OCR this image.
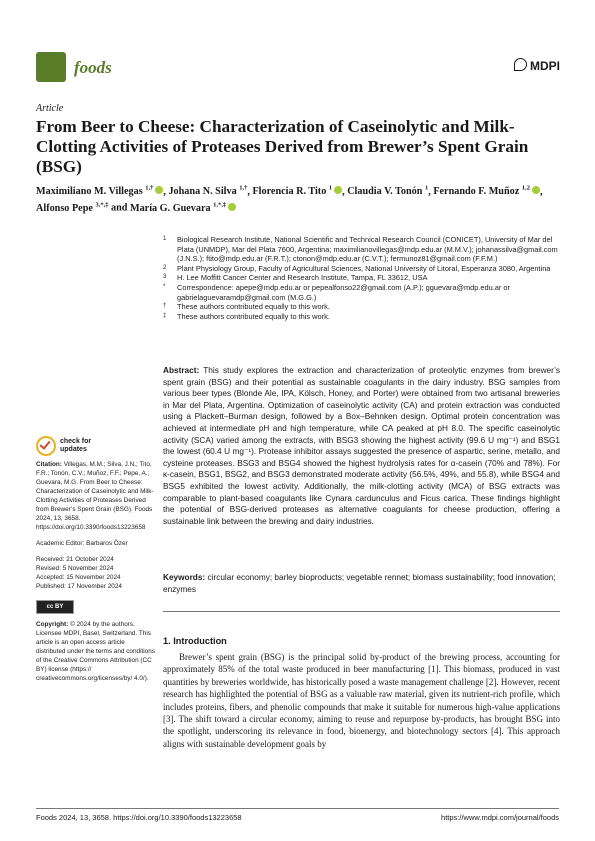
foods	MDPI
Article
From Beer to Cheese: Characterization of Caseinolytic and Milk-Clotting Activities of Proteases Derived from Brewer’s Spent Grain (BSG)
Maximiliano M. Villegas $^{1,\dagger}$ , Johana N. Silva $^{1,\dagger}$, Florencia R. Tito $^1$ , Claudia V. Tonón $^1$, Fernando F. Muñoz $^{1,2}$ , Alfonso Pepe $^{3,*,\ddagger}$ and María G. Guevara $^{1,*,\ddagger}$
1	Biological Research Institute, National Scientific and Technical Research Council (CONICET), University of Mar del Plata (UNMDP), Mar del Plata 7600, Argentina; maximilianovillegas@mdp.edu.ar (M.M.V.); johanassilva@gmail.com (J.N.S.); ftito@mdp.edu.ar (F.R.T.); ctonon@mdp.edu.ar (C.V.T.); fermunoz81@gmail.com (F.F.M.)
2	Plant Physiology Group, Faculty of Agricultural Sciences, National University of Litoral, Esperanza 3080, Argentina
3	H. Lee Moffitt Cancer Center and Research Institute, Tampa, FL 33612, USA
*	Correspondence: apepe@mdp.edu.ar or pepealfonso22@gmail.com (A.P.); gguevara@mdp.edu.ar or gabrielaguevaramdp@gmail.com (M.G.G.)
†	These authors contributed equally to this work.
‡	These authors contributed equally to this work.
Abstract: This study explores the extraction and characterization of proteolytic enzymes from brewer’s spent grain (BSG) and their potential as sustainable coagulants in the dairy industry. BSG samples from various beer types (Blonde Ale, IPA, Kölsch, Honey, and Porter) were obtained from two artisanal breweries in Mar del Plata, Argentina. Optimization of caseinolytic activity (CA) and protein extraction was conducted using a Plackett–Burman design, followed by a Box–Behnken design. Optimal protein concentration was achieved at intermediate pH and high temperature, while CA peaked at pH 8.0. The specific caseinolytic activity (SCA) varied among the extracts, with BSG3 showing the highest activity (99.6 U mg⁻¹) and BSG1 the lowest (60.4 U mg⁻¹). Protease inhibitor assays suggested the presence of aspartic, serine, metallo, and cysteine proteases. BSG3 and BSG4 showed the highest hydrolysis rates for α-casein (70% and 78%). For κ-casein, BSG1, BSG2, and BSG3 demonstrated moderate activity (56.5%, 49%, and 55.8), while BSG4 and BSG5 exhibited the lowest activity. Additionally, the milk-clotting activity (MCA) of BSG extracts was comparable to plant-based coagulants like Cynara cardunculus and Ficus carica. These findings highlight the potential of BSG-derived proteases as alternative coagulants for cheese production, offering a sustainable link between the brewing and dairy industries.
Keywords: circular economy; barley bioproducts; vegetable rennet; biomass sustainability; food innovation; enzymes
check for
updates
Citation: Villegas, M.M.; Silva, J.N.; Tito, F.R.; Tonón, C.V.; Muñoz, F.F.; Pepe, A.; Guevara, M.G. From Beer to Cheese: Characterization of Caseinolytic and Milk-Clotting Activities of Proteases Derived from Brewer’s Spent Grain (BSG). Foods 2024, 13, 3658. https://doi.org/10.3390/foods13223658
Academic Editor: Barbaros Özer
Received: 21 October 2024
Revised: 5 November 2024
Accepted: 15 November 2024
Published: 17 November 2024
cc BY
Copyright: © 2024 by the authors. Licensee MDPI, Basel, Switzerland. This article is an open access article distributed under the terms and conditions of the Creative Commons Attribution (CC BY) license (https:// creativecommons.org/licenses/by/ 4.0/).
1. Introduction
Brewer’s spent grain (BSG) is the principal solid by-product of the brewing process, accounting for approximately 85% of the total waste produced in beer manufacturing [1]. This biomass, produced in vast quantities by breweries worldwide, has historically posed a waste management challenge [2]. However, recent research has highlighted the potential of BSG as a valuable raw material, given its nutrient-rich profile, which includes proteins, fibers, and phenolic compounds that make it suitable for numerous high-value applications [3]. The shift toward a circular economy, aiming to reuse and repurpose by-products, has brought BSG into the spotlight, underscoring its relevance in food, bioenergy, and biotechnology sectors [4]. This approach aligns with sustainable development goals by
Foods 2024, 13, 3658. https://doi.org/10.3390/foods13223658	https://www.mdpi.com/journal/foods
